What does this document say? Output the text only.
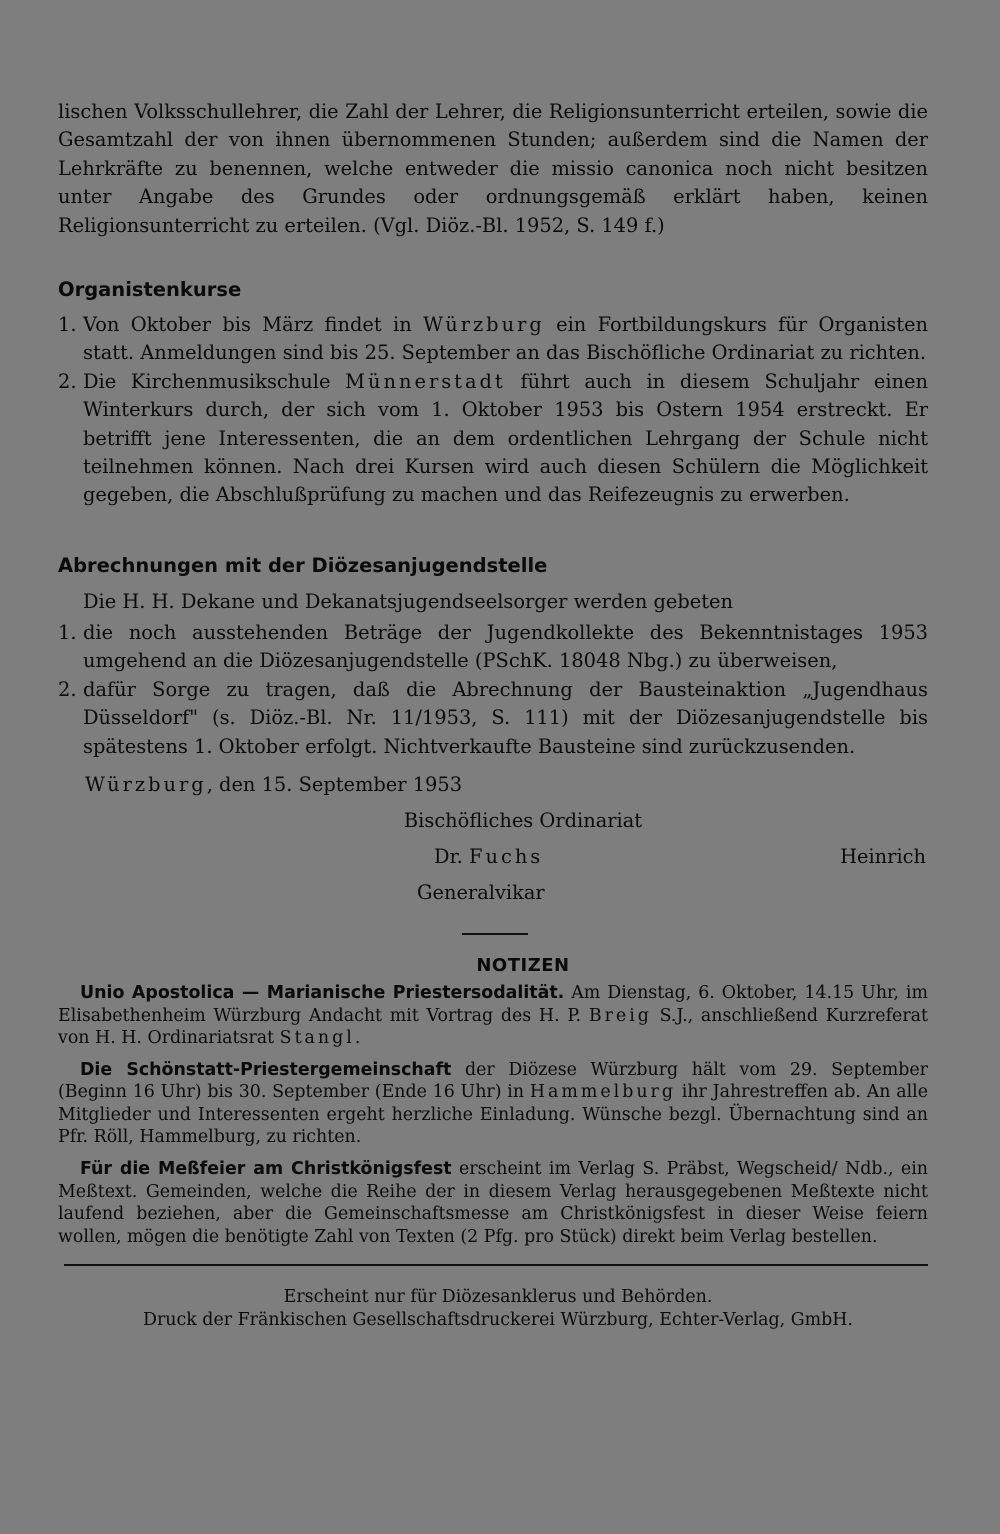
lischen Volksschullehrer, die Zahl der Lehrer, die Religionsunterricht erteilen, sowie die Gesamtzahl der von ihnen übernommenen Stunden; außerdem sind die Namen der Lehrkräfte zu benennen, welche entweder die missio canonica noch nicht besitzen unter Angabe des Grundes oder ordnungsgemäß erklärt haben, keinen Religionsunterricht zu erteilen. (Vgl. Diöz.-Bl. 1952, S. 149 f.)

Organistenkurse
1. Von Oktober bis März findet in Würzburg ein Fortbildungskurs für Organisten statt. Anmeldungen sind bis 25. September an das Bischöfliche Ordinariat zu richten.
2. Die Kirchenmusikschule Münnerstadt führt auch in diesem Schuljahr einen Winterkurs durch, der sich vom 1. Oktober 1953 bis Ostern 1954 erstreckt. Er betrifft jene Interessenten, die an dem ordentlichen Lehrgang der Schule nicht teilnehmen können. Nach drei Kursen wird auch diesen Schülern die Möglichkeit gegeben, die Abschlußprüfung zu machen und das Reifezeugnis zu erwerben.
Abrechnungen mit der Diözesanjugendstelle

Die H. H. Dekane und Dekanatsjugendseelsorger werden gebeten

1. die noch ausstehenden Beträge der Jugendkollekte des Bekenntnistages 1953 umgehend an die Diözesanjugendstelle (PSchK. 18048 Nbg.) zu überweisen,
2. dafür Sorge zu tragen, daß die Abrechnung der Bausteinaktion „Jugendhaus Düsseldorf" (s. Diöz.-Bl. Nr. 11/1953, S. 111) mit der Diözesanjugendstelle bis spätestens 1. Oktober erfolgt. Nichtverkaufte Bausteine sind zurückzusenden.
Würzburg, den 15. September 1953
Bischöfliches Ordinariat
Dr. Fuchs	Heinrich
Generalvikar
NOTIZEN

Unio Apostolica — Marianische Priestersodalität. Am Dienstag, 6. Oktober, 14.15 Uhr, im Elisabethenheim Würzburg Andacht mit Vortrag des H. P. Breig S.J., anschließend Kurzreferat von H. H. Ordinariatsrat Stangl.

Die Schönstatt-Priestergemeinschaft der Diözese Würzburg hält vom 29. September (Beginn 16 Uhr) bis 30. September (Ende 16 Uhr) in Hammelburg ihr Jahrestreffen ab. An alle Mitglieder und Interessenten ergeht herzliche Einladung. Wünsche bezgl. Übernachtung sind an Pfr. Röll, Hammelburg, zu richten.

Für die Meßfeier am Christkönigsfest erscheint im Verlag S. Präbst, Wegscheid/ Ndb., ein Meßtext. Gemeinden, welche die Reihe der in diesem Verlag herausgegebenen Meßtexte nicht laufend beziehen, aber die Gemeinschaftsmesse am Christkönigsfest in dieser Weise feiern wollen, mögen die benötigte Zahl von Texten (2 Pfg. pro Stück) direkt beim Verlag bestellen.

Erscheint nur für Diözesanklerus und Behörden.
Druck der Fränkischen Gesellschaftsdruckerei Würzburg, Echter-Verlag, GmbH.
